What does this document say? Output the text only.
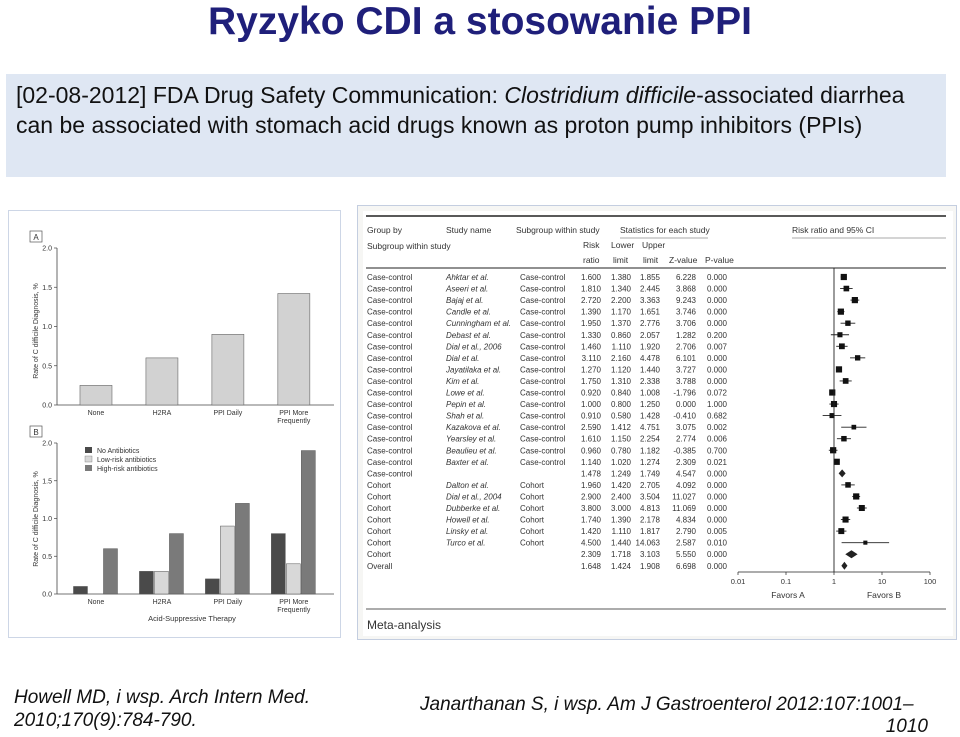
Ryzyko CDI a stosowanie PPI

[02-08-2012] FDA Drug Safety Communication: Clostridium difficile-associated diarrhea can be associated with stomach acid drugs known as proton pump inhibitors (PPIs)

A
Rate of C difficile Diagnosis, %
2.0
1.5
1.0
0.5
0.0
None	H2RA	PPI Daily	PPI More
Frequently
B
Rate of C difficile Diagnosis, %
2.0
1.5
1.0
0.5
0.0
None	H2RA	PPI Daily	PPI More
Frequently
Acid-Suppressive Therapy
No Antibiotics
Low-risk antibiotics
High-risk antibiotics
Group by
Subgroup within study
Study name	Subgroup within study Statistics for each study	Risk ratio and 95% CI
Risk
ratio
Lower
limit
Upper
limit Z-value P-value
Case-control	Ahktar et al.	Case-control 1.600 1.380 1.855 6.228 0.000
Case-control	Aseeri et al.	Case-control 1.810 1.340 2.445 3.868 0.000
Case-control	Bajaj et al.	Case-control 2.720 2.200 3.363 9.243 0.000
Case-control	Candle et al.	Case-control 1.390 1.170 1.651 3.746 0.000
Case-control	Cunningham et al. Case-control 1.950 1.370 2.776 3.706 0.000
Case-control	Debast et al.	Case-control 1.330 0.860 2.057 1.282 0.200
Case-control	Dial et al., 2006 Case-control 1.460 1.110 1.920 2.706 0.007
Case-control	Dial et al.	Case-control 3.110 2.160 4.478 6.101 0.000
Case-control	Jayatilaka et al. Case-control 1.270 1.120 1.440 3.727 0.000
Case-control	Kim et al.	Case-control 1.750 1.310 2.338 3.788 0.000
Case-control	Lowe et al.	Case-control 0.920 0.840 1.008 -1.796 0.072
Case-control	Pepin et al.	Case-control 1.000 0.800 1.250 0.000 1.000
Case-control	Shah et al.	Case-control 0.910 0.580 1.428 -0.410 0.682
Case-control	Kazakova et al. Case-control 2.590 1.412 4.751 3.075 0.002
Case-control	Yearsley et al.	Case-control 1.610 1.150 2.254 2.774 0.006
Case-control	Beaulieu et al.	Case-control 0.960 0.780 1.182 -0.385 0.700
Case-control	Baxter et al.	Case-control 1.140 1.020 1.274 2.309 0.021
Case-control	1.478 1.249 1.749 4.547 0.000
Cohort	Dalton et al.	Cohort	1.960 1.420 2.705 4.092 0.000
Cohort	Dial et al., 2004 Cohort	2.900 2.400 3.504 11.027 0.000
Cohort	Dubberke et al. Cohort	3.800 3.000 4.813 11.069 0.000
Cohort	Howell et al.	Cohort	1.740 1.390 2.178 4.834 0.000
Cohort	Linsky et al.	Cohort	1.420 1.110 1.817 2.790 0.005
Cohort	Turco et al.	Cohort	4.500 1.440 14.063 2.587 0.010
Cohort	2.309 1.718 3.103 5.550 0.000
Overall	1.648 1.424 1.908 6.698 0.000
0.01	0.1	1	10	100
Favors A	Favors B
Meta-analysis
Howell MD, i wsp. Arch Intern Med. 2010;170(9):784-790.
Janarthanan S, i wsp. Am J Gastroenterol 2012:107:1001–
1010
